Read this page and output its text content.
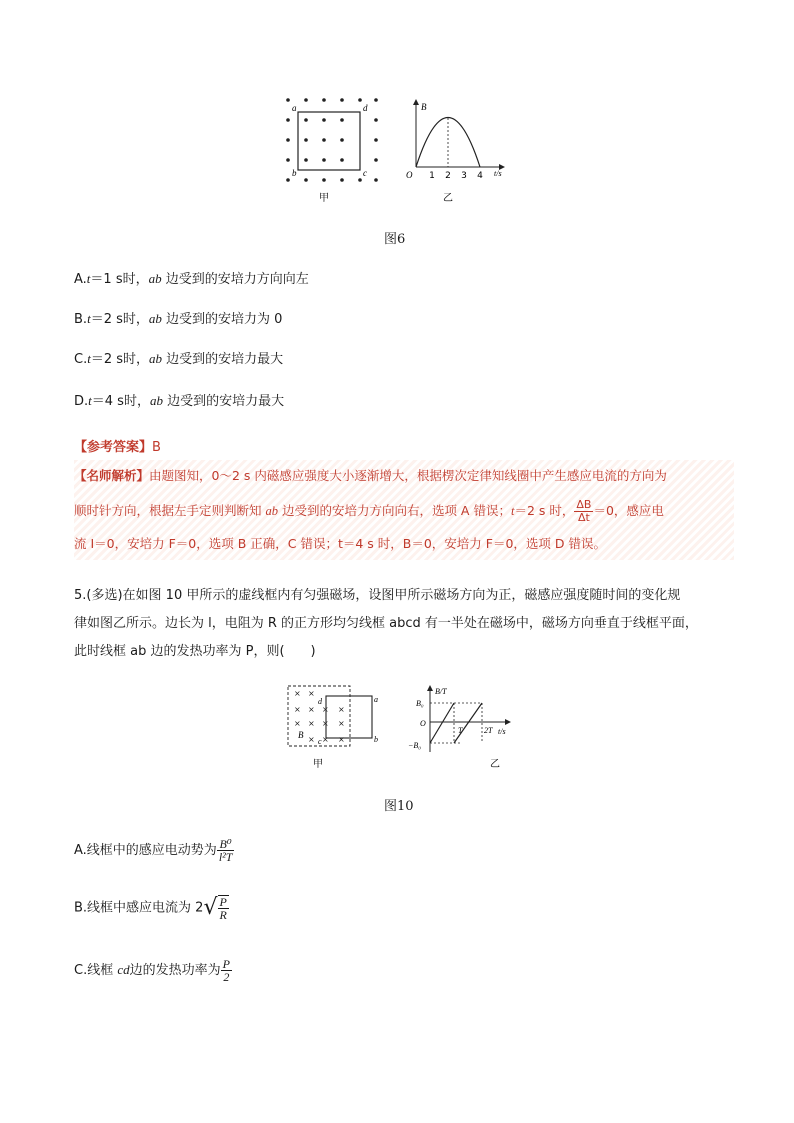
a	d
b	c
甲
B
t/s
O 1 2 3 4
乙
图6
A.t＝1 s时，ab 边受到的安培力方向向左
B.t＝2 s时，ab 边受到的安培力为 0
C.t＝2 s时，ab 边受到的安培力最大
D.t＝4 s时，ab 边受到的安培力最大
【参考答案】B
【名师解析】由题图知，0～2 s 内磁感应强度大小逐渐增大，根据楞次定律知线圈中产生感应电流的方向为
顺时针方向，根据左手定则判断知 ab 边受到的安培力方向向右，选项 A 错误；t＝2 s 时， $\frac{\Delta B}{\Delta t} =0$，感应电
流 I＝0，安培力 F＝0，选项 B 正确，C 错误；t＝4 s 时，B＝0，安培力 F＝0，选项 D 错误。
5.(多选)在如图 10 甲所示的虚线框内有匀强磁场，设图甲所示磁场方向为正，磁感应强度随时间的变化规
律如图乙所示。边长为 l，电阻为 R 的正方形均匀线框 abcd 有一半处在磁场中，磁场方向垂直于线框平面，
此时线框 ab 边的发热功率为 P，则(　　)
× ×
× × × ×
× × × ×
× × ×
d	a
c	b
B
甲
B/T
t/s
O
B₀
−B₀
T	2T
乙
图10
A.线框中的感应电动势为 $\frac{\text{B⁰}}{\text{l²T}}$
B.线框中感应电流为 $2√ \frac{P}{R}$
C.线框 cd边的发热功率为 $\frac{P}{2}$
